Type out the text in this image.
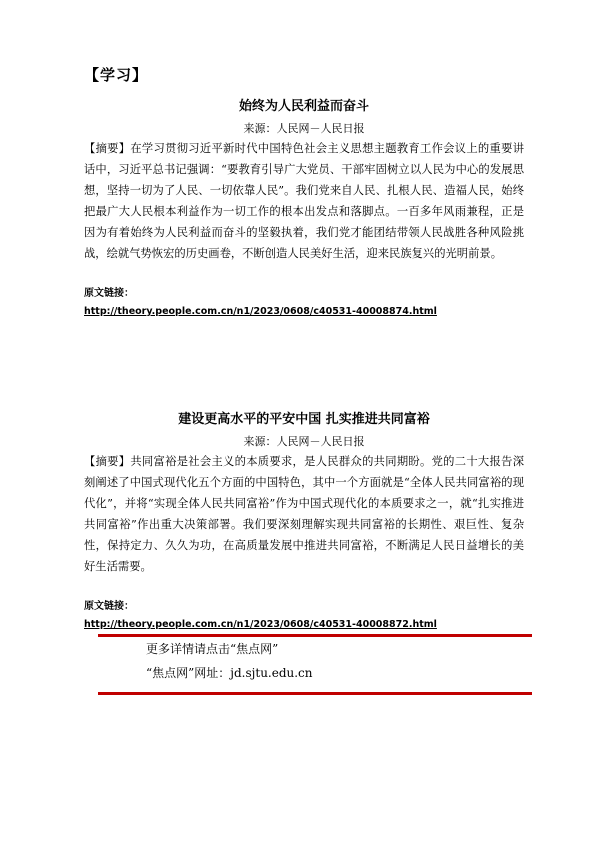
【学习】
始终为人民利益而奋斗
来源：人民网－人民日报
【摘要】在学习贯彻习近平新时代中国特色社会主义思想主题教育工作会议上的重要讲话中，习近平总书记强调：“要教育引导广大党员、干部牢固树立以人民为中心的发展思想，坚持一切为了人民、一切依靠人民”。我们党来自人民、扎根人民、造福人民，始终把最广大人民根本利益作为一切工作的根本出发点和落脚点。一百多年风雨兼程，正是因为有着始终为人民利益而奋斗的坚毅执着，我们党才能团结带领人民战胜各种风险挑战，绘就气势恢宏的历史画卷，不断创造人民美好生活，迎来民族复兴的光明前景。
原文链接：
http://theory.people.com.cn/n1/2023/0608/c40531-40008874.html
建设更高水平的平安中国 扎实推进共同富裕
来源：人民网－人民日报
【摘要】共同富裕是社会主义的本质要求，是人民群众的共同期盼。党的二十大报告深刻阐述了中国式现代化五个方面的中国特色，其中一个方面就是“全体人民共同富裕的现代化”，并将“实现全体人民共同富裕”作为中国式现代化的本质要求之一，就“扎实推进共同富裕”作出重大决策部署。我们要深刻理解实现共同富裕的长期性、艰巨性、复杂性，保持定力、久久为功，在高质量发展中推进共同富裕，不断满足人民日益增长的美好生活需要。
原文链接：
http://theory.people.com.cn/n1/2023/0608/c40531-40008872.html
更多详情请点击“焦点网”
“焦点网”网址：jd.sjtu.edu.cn
